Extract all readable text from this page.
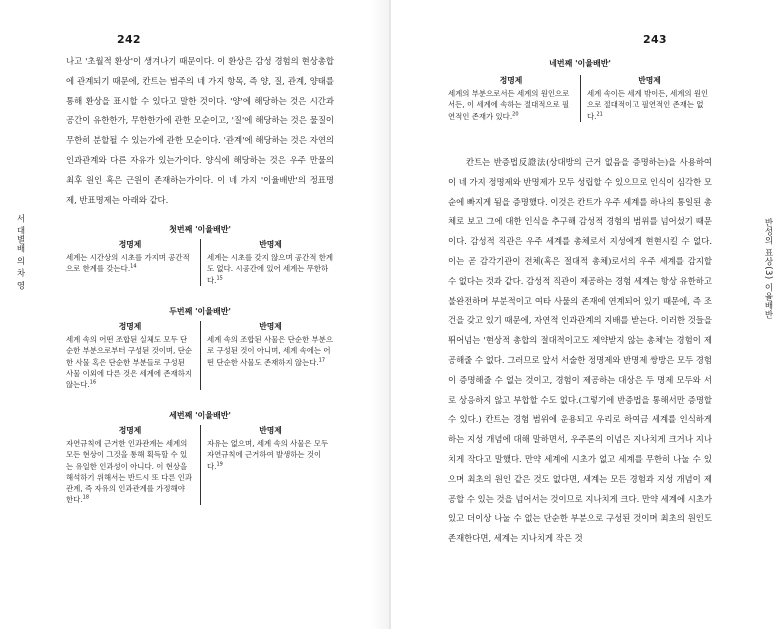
242
서 대별배 의 차 영

나고 '초월적 환상'이 생겨나기 때문이다. 이 환상은 감성 경험의 현상총합에 관계되기 때문에, 칸트는 범주의 네 가지 항목, 즉 양, 질, 관계, 양태를 통해 환상을 표시할 수 있다고 말한 것이다. '양'에 해당하는 것은 시간과 공간이 유한한가, 무한한가에 관한 모순이고, '질'에 해당하는 것은 물질이 무한히 분할될 수 있는가에 관한 모순이다. '관계'에 해당하는 것은 자연의 인과관계와 다른 자유가 있는가이다. 양식에 해당하는 것은 우주 만물의 최후 원인 혹은 근원이 존재하는가이다. 이 네 가지 '이율배반'의 정표명제, 반표명제는 아래와 같다.

첫번째 '이율배반'
정명제

세계는 시간상의 시초를 가지며 공간적으로 한계를 갖는다.$^{14}$

반명제

세계는 시초를 갖지 않으며 공간적 한계도 없다. 시공간에 있어 세계는 무한하다.$^{15}$

두번째 '이율배반'
정명제

세계 속의 어떤 조합된 실체도 모두 단순한 부분으로부터 구성된 것이며, 단순한 사물 혹은 단순한 부분들로 구성된 사물 이외에 다른 것은 세계에 존재하지 않는다.$^{16}$

반명제

세계 속의 조합된 사물은 단순한 부분으로 구성된 것이 아니며, 세계 속에는 어떤 단순한 사물도 존재하지 않는다.$^{17}$

세번째 '이율배반'
정명제

자연규칙에 근거한 인과관계는 세계의 모든 현상이 그것을 통해 획득할 수 있는 유일한 인과성이 아니다. 이 현상을 해석하기 위해서는 반드시 또 다른 인과관계, 즉 자유의 인과관계를 가정해야 한다.$^{18}$

반명제

자유는 없으며, 세계 속의 사물은 모두 자연규칙에 근거하여 발생하는 것이다.$^{19}$

243
반성의 표상(3) 이율배반
네번째 '이율배반'
정명제

세계의 부분으로서든 세계의 원인으로서든, 이 세계에 속하는 절대적으로 필연적인 존재가 있다.$^{20}$

반명제

세계 속이든 세계 밖이든, 세계의 원인으로 절대적이고 필연적인 존재는 없다.$^{21}$

칸트는 반증법反證法(상대방의 근거 없음을 증명하는)을 사용하여 이 네 가지 정명제와 반명제가 모두 성립할 수 있으므로 인식이 심각한 모순에 빠지게 됨을 증명했다. 이것은 칸트가 우주 세계를 하나의 통일된 총체로 보고 그에 대한 인식을 추구해 감성적 경험의 범위를 넘어섰기 때문이다. 감성적 직관은 우주 세계를 총체로서 지성에게 현현시킬 수 없다. 이는 곧 감각기관이 전체(혹은 절대적 총체)로서의 우주 세계를 감지할 수 없다는 것과 같다. 감성적 직관이 제공하는 경험 세계는 항상 유한하고 불완전하며 부분적이고 여타 사물의 존재에 연계되어 있기 때문에, 즉 조건을 갖고 있기 때문에, 자연적 인과관계의 지배를 받는다. 이러한 것들을 뛰어넘는 '현상적 총합의 절대적이고도 제약받지 않는 총체'는 경험이 제공해줄 수 없다. 그러므로 앞서 서술한 정명제와 반명제 쌍방은 모두 경험이 증명해줄 수 없는 것이고, 경험이 제공하는 대상은 두 명제 모두와 서로 상응하지 않고 부합할 수도 없다.(그렇기에 반증법을 통해서만 증명할 수 있다.) 칸트는 경험 범위에 운용되고 우리로 하여금 세계를 인식하게 하는 지성 개념에 대해 말하면서, 우주론의 이념은 지나치게 크거나 지나치게 작다고 말했다. 만약 세계에 시초가 없고 세계를 무한히 나눌 수 있으며 최초의 원인 같은 것도 없다면, 세계는 모든 경험과 지성 개념이 제공할 수 있는 것을 넘어서는 것이므로 지나치게 크다. 만약 세계에 시초가 있고 더이상 나눌 수 없는 단순한 부분으로 구성된 것이며 최초의 원인도 존재한다면, 세계는 지나치게 작은 것
